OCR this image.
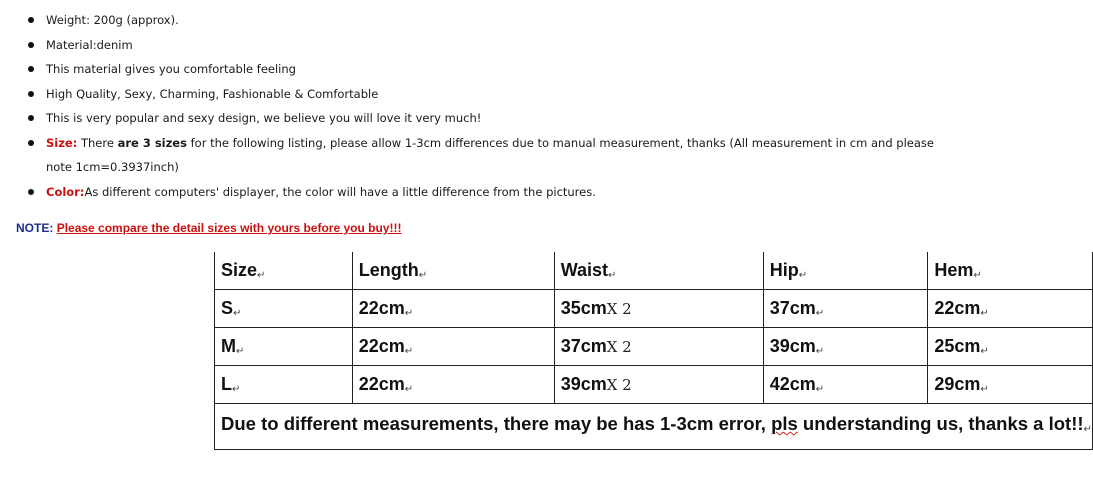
Weight: 200g (approx).
Material:denim
This material gives you comfortable feeling
High Quality, Sexy, Charming, Fashionable & Comfortable
This is very popular and sexy design, we believe you will love it very much!
Size: There are 3 sizes for the following listing, please allow 1-3cm differences due to manual measurement, thanks (All measurement in cm and please note 1cm=0.3937inch)
Color:As different computers' displayer, the color will have a little difference from the pictures.
NOTE: Please compare the detail sizes with yours before you buy!!!
Size↵	Length↵	Waist↵	Hip↵	Hem↵
S↵	22cm↵	35cmX 2	37cm↵	22cm↵
M↵	22cm↵	37cmX 2	39cm↵	25cm↵
L↵	22cm↵	39cmX 2	42cm↵	29cm↵
Due to different measurements, there may be has 1-3cm error, pls understanding us, thanks a lot!!↵				
